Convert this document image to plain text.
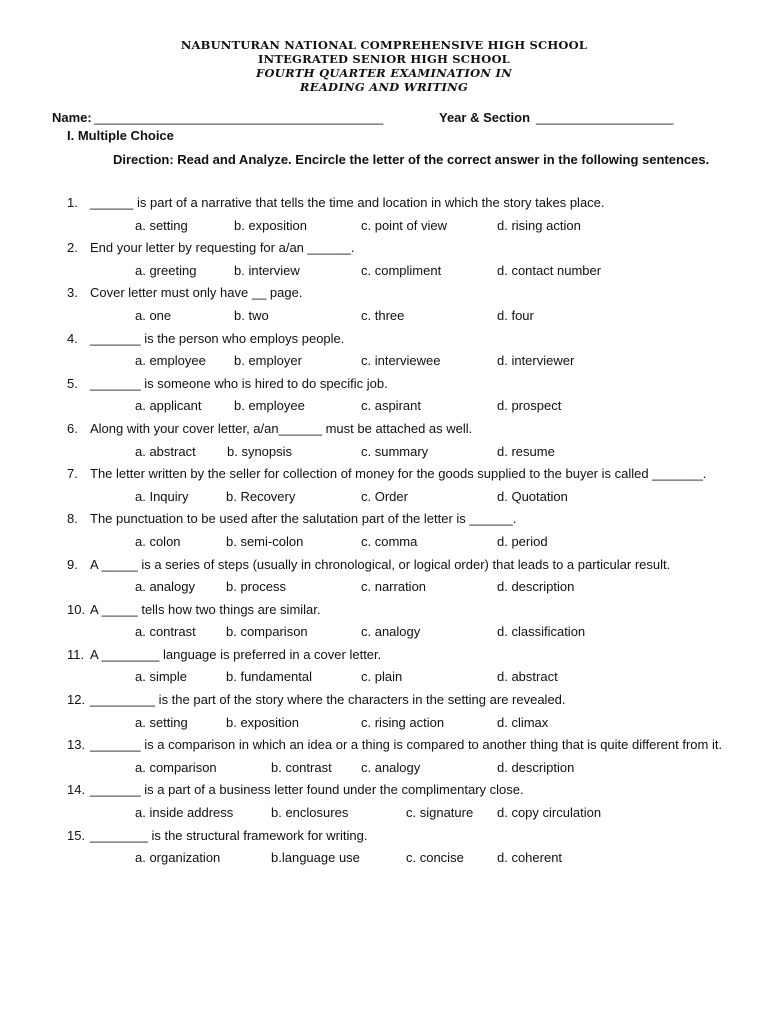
NABUNTURAN NATIONAL COMPREHENSIVE HIGH SCHOOL
INTEGRATED SENIOR HIGH SCHOOL
FOURTH QUARTER EXAMINATION IN
READING AND WRITING

Name:

________________________________________

	Year & Section

___________________

I. Multiple Choice
Direction: Read and Analyze. Encircle the letter of the correct answer in the following sentences.
1. ______ is part of a narrative that tells the time and location in which the story takes place.
a. setting	b. exposition	c. point of view	d. rising action
2. End your letter by requesting for a/an ______.
a. greeting	b. interview	c. compliment	d. contact number
3. Cover letter must only have __ page.
a. one	b. two	c. three	d. four
4. _______ is the person who employs people.
a. employee b. employer	c. interviewee	d. interviewer
5. _______ is someone who is hired to do specific job.
a. applicant	b. employee	c. aspirant	d. prospect
6. Along with your cover letter, a/an______ must be attached as well.
a. abstract b. synopsis	c. summary	d. resume
7. The letter written by the seller for collection of money for the goods supplied to the buyer is called _______.
a. Inquiry	b. Recovery	c. Order	d. Quotation
8. The punctuation to be used after the salutation part of the letter is ______.
a. colon	b. semi-colon	c. comma	d. period
9. A _____ is a series of steps (usually in chronological, or logical order) that leads to a particular result.
a. analogy b. process	c. narration	d. description
10. A _____ tells how two things are similar.
a. contrast b. comparison	c. analogy	d. classification
11. A ________ language is preferred in a cover letter.
a. simple	b. fundamental	c. plain	d. abstract
12. _________ is the part of the story where the characters in the setting are revealed.
a. setting	b. exposition	c. rising action	d. climax
13. _______ is a comparison in which an idea or a thing is compared to another thing that is quite different from it.
a. comparison	b. contrast c. analogy	d. description
14. _______ is a part of a business letter found under the complimentary close.
a. inside address	b. enclosures	c. signature d. copy circulation
15. ________ is the structural framework for writing.
a. organization	b.language use	c. concise	d. coherent
